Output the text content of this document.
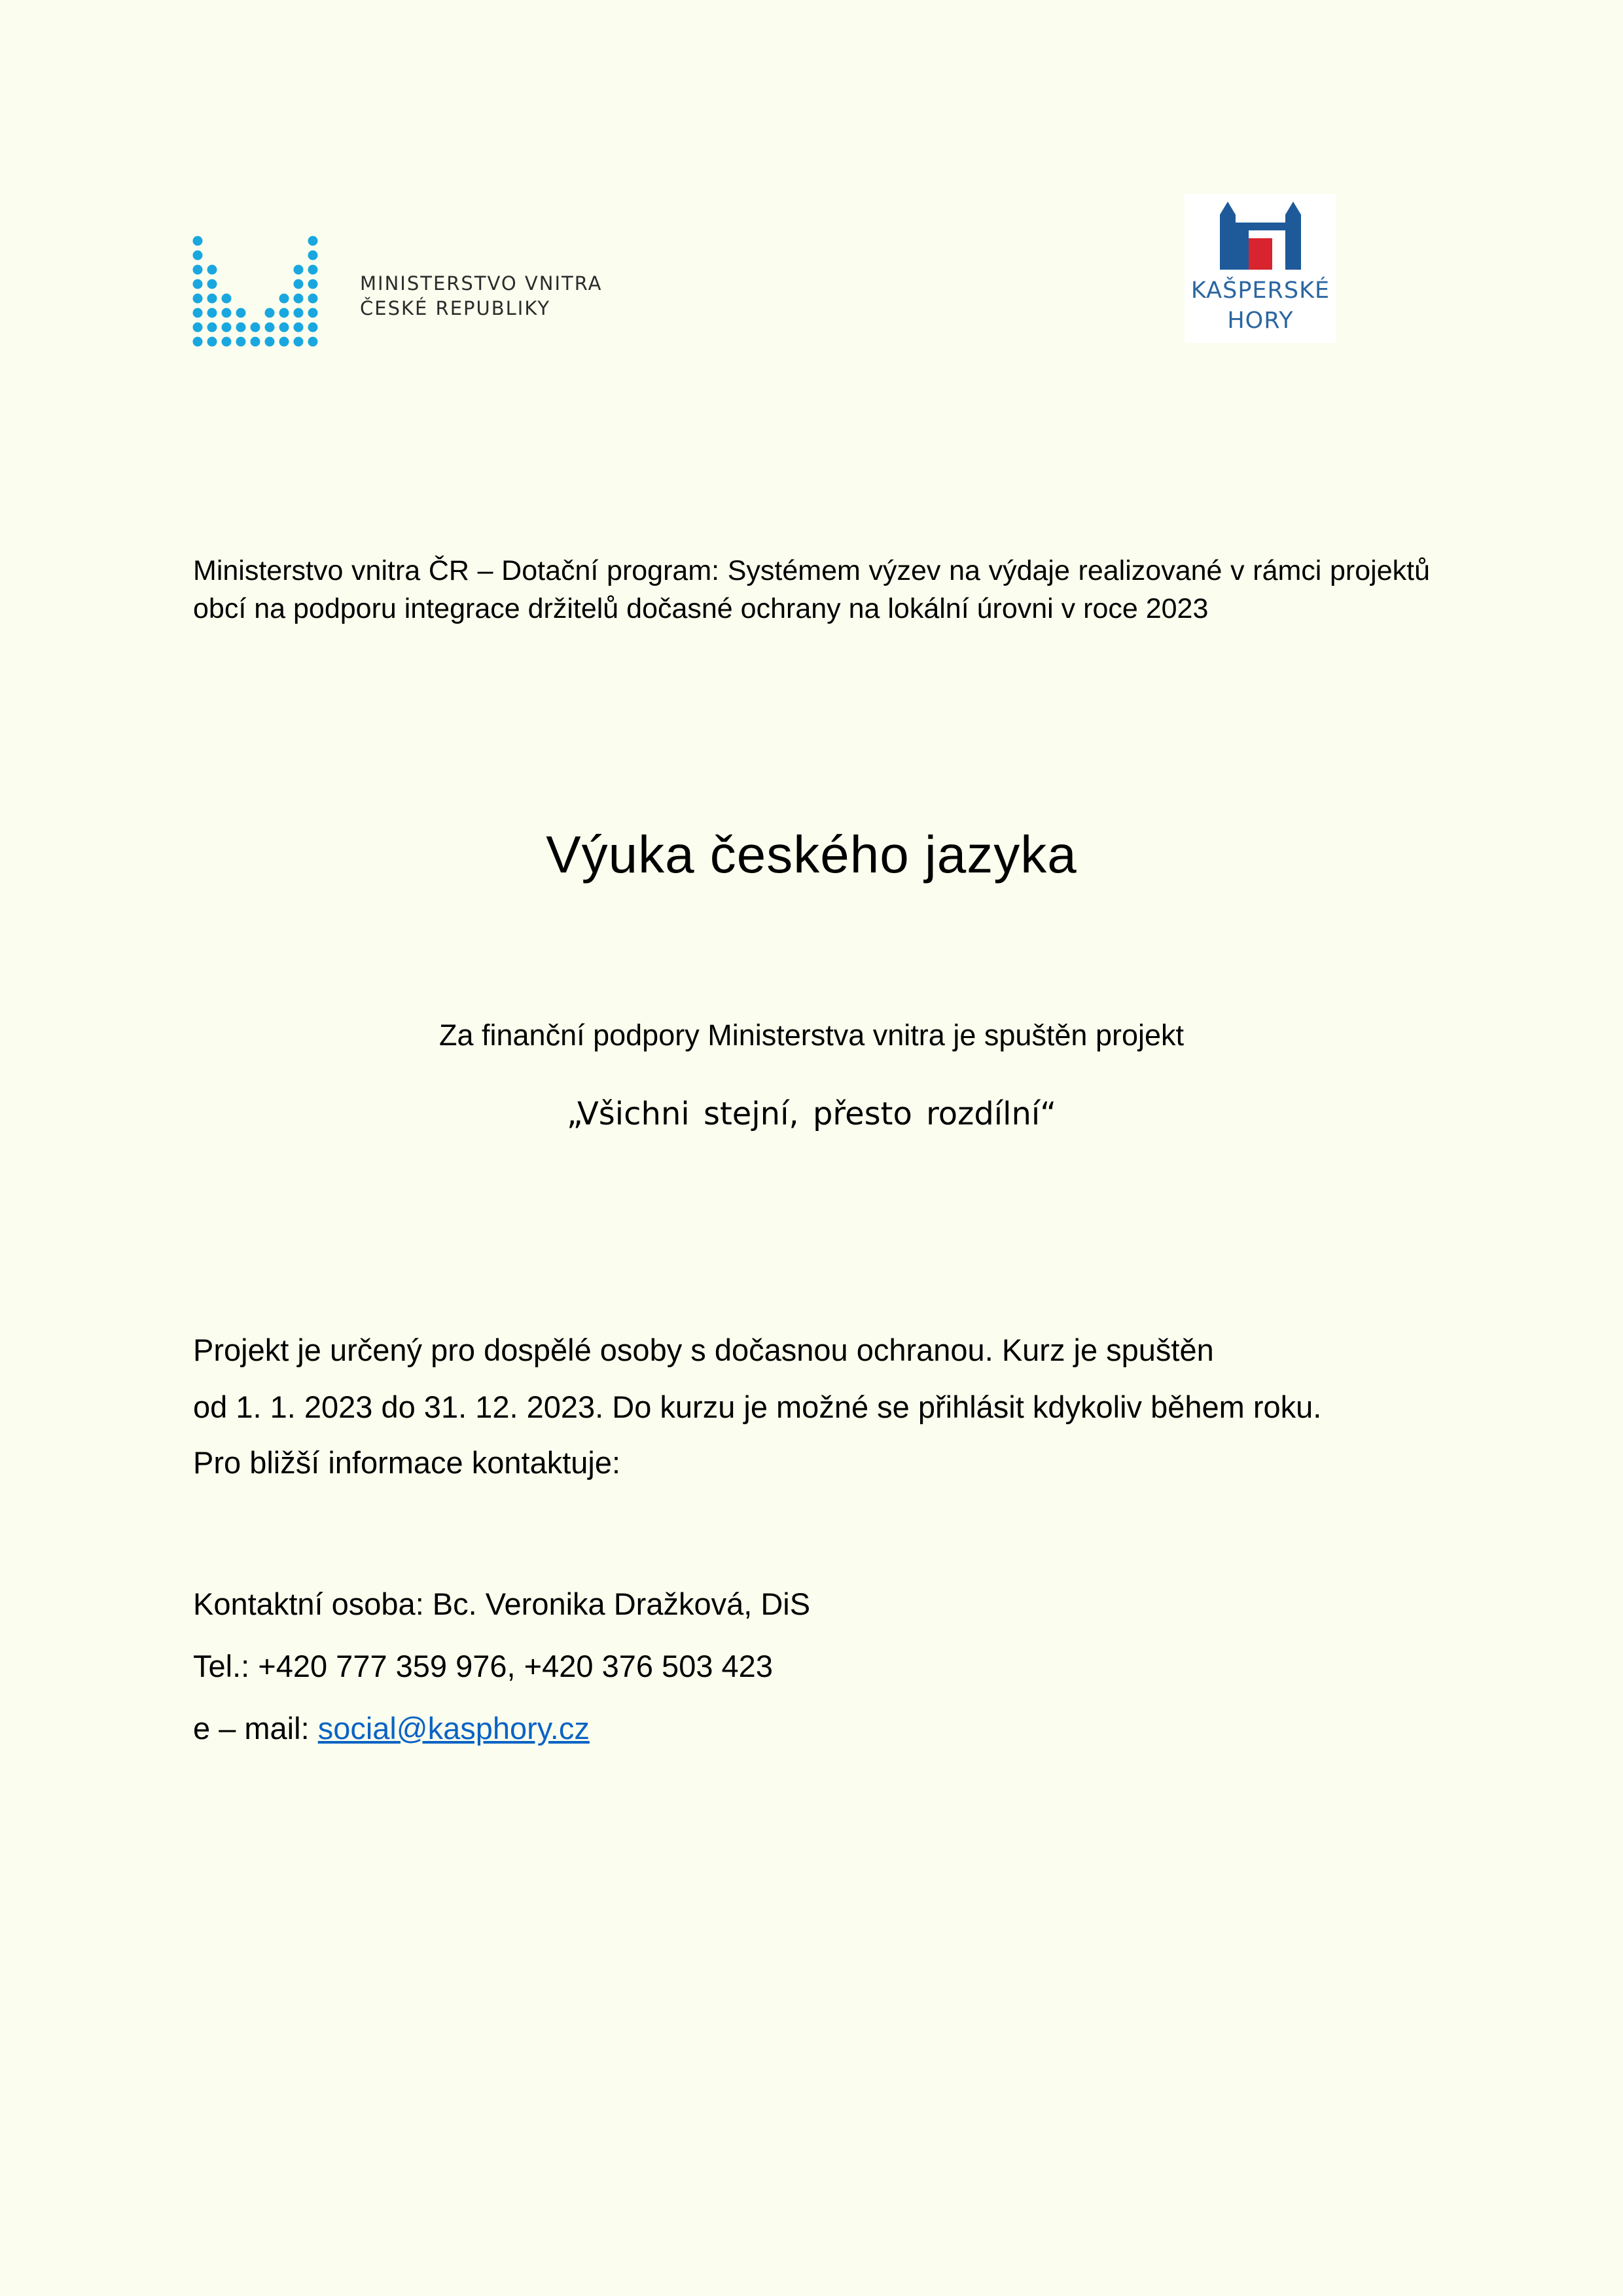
MINISTERSTVO VNITRA
ČESKÉ REPUBLIKY
KAŠPERSKÉ
HORY
Ministerstvo vnitra ČR – Dotační program: Systémem výzev na výdaje realizované v rámci projektů obcí na podporu integrace držitelů dočasné ochrany na lokální úrovni v roce 2023
Výuka českého jazyka
Za finanční podpory Ministerstva vnitra je spuštěn projekt
„Všichni stejní, přesto rozdílní“
Projekt je určený pro dospělé osoby s dočasnou ochranou. Kurz je spuštěn
od 1. 1. 2023 do 31. 12. 2023. Do kurzu je možné se přihlásit kdykoliv během roku.
Pro bližší informace kontaktuje:
Kontaktní osoba: Bc. Veronika Dražková, DiS
Tel.: +420 777 359 976, +420 376 503 423
e – mail: social@kasphory.cz
